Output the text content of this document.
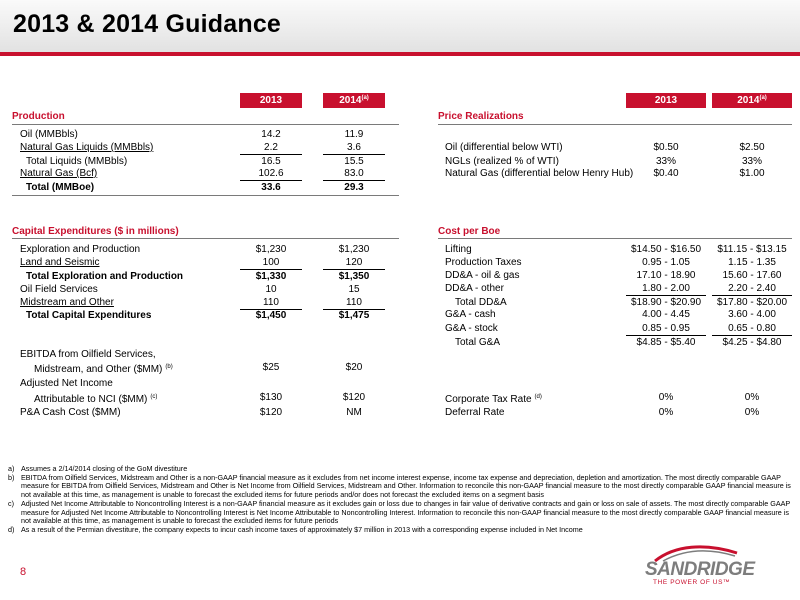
2013 & 2014 Guidance
2013	2014$^{(a)}$
Production
Oil (MMBbls)	14.2	11.9
Natural Gas Liquids (MMBbls)	2.2	3.6
Total Liquids (MMBbls)	16.5	15.5
Natural Gas (Bcf)	102.6	83.0
Total (MMBoe)	33.6	29.3
Capital Expenditures ($ in millions)
Exploration and Production	$1,230	$1,230
Land and Seismic	100	120
Total Exploration and Production	$1,330	$1,350
Oil Field Services	10	15
Midstream and Other	110	110
Total Capital Expenditures	$1,450	$1,475
EBITDA from Oilfield Services,
Midstream, and Other ($MM) $^{(b)}$	$25	$20
Adjusted Net Income
Attributable to NCI ($MM) $^{(c)}$	$130	$120
P&A Cash Cost ($MM)	$120	NM
2013	2014$^{(a)}$
Price Realizations
Oil (differential below WTI)	$0.50	$2.50
NGLs (realized % of WTI)	33%	33%
Natural Gas (differential below Henry Hub)	$0.40	$1.00
Cost per Boe
Lifting	$14.50 - $16.50	$11.15 - $13.15
Production Taxes	0.95 - 1.05	1.15 - 1.35
DD&A - oil & gas	17.10 - 18.90	15.60 - 17.60
DD&A - other	1.80 - 2.00	2.20 - 2.40
Total DD&A	$18.90 - $20.90	$17.80 - $20.00
G&A - cash	4.00 - 4.45	3.60 - 4.00
G&A - stock	0.85 - 0.95	0.65 - 0.80
Total G&A	$4.85 - $5.40	$4.25 - $4.80
Corporate Tax Rate $^{(d)}$	0%	0%
Deferral Rate	0%	0%
a) Assumes a 2/14/2014 closing of the GoM divestiture
b) EBITDA from Oilfield Services, Midstream and Other is a non-GAAP financial measure as it excludes from net income interest expense, income tax expense and depreciation, depletion and amortization. The most directly comparable GAAP measure for EBITDA from Oilfield Services, Midstream and Other is Net Income from Oilfield Services, Midstream and Other. Information to reconcile this non-GAAP financial measure to the most directly comparable GAAP financial measure is not available at this time, as management is unable to forecast the excluded items for future periods and/or does not forecast the excluded items on a segment basis
c) Adjusted Net Income Attributable to Noncontrolling Interest is a non-GAAP financial measure as it excludes gain or loss due to changes in fair value of derivative contracts and gain or loss on sale of assets. The most directly comparable GAAP measure for Adjusted Net Income Attributable to Noncontrolling Interest is Net Income Attributable to Noncontrolling Interest. Information to reconcile this non-GAAP financial measure to the most directly comparable GAAP financial measure is not available at this time, as management is unable to forecast the excluded items for future periods
d) As a result of the Permian divestiture, the company expects to incur cash income taxes of approximately $7 million in 2013 with a corresponding expense included in Net Income
8	SANDRIDGE
THE POWER OF US™
